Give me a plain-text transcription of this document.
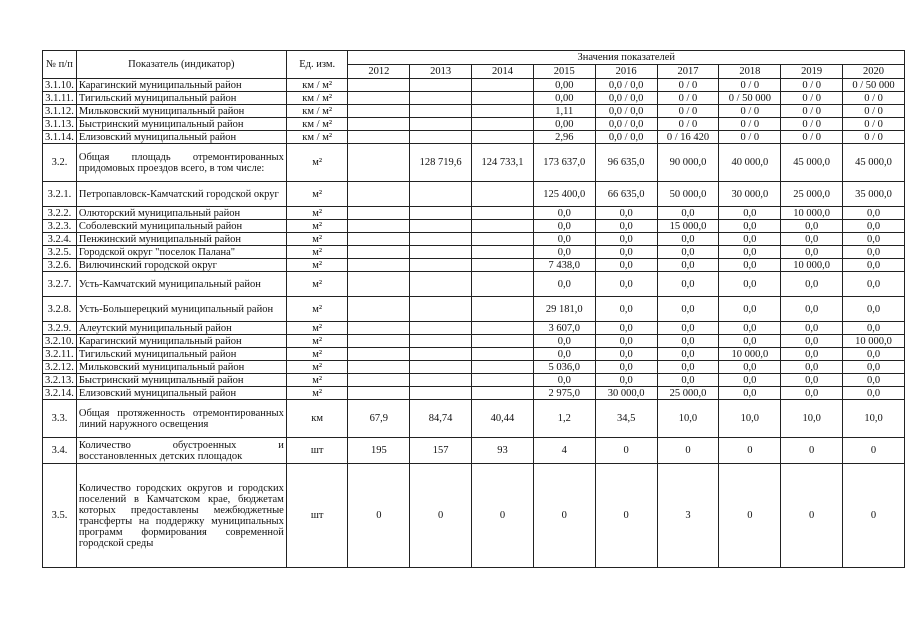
№ п/п	Показатель (индикатор)	Ед. изм.	Значения показателей								
			2012	2013	2014	2015	2016	2017	2018	2019	2020
3.1.10.	Карагинский муниципальный район	км / м²				0,00	0,0 / 0,0	0 / 0	0 / 0	0 / 0	0 / 50 000
3.1.11.	Тигильский муниципальный район	км / м²				0,00	0,0 / 0,0	0 / 0	0 / 50 000	0 / 0	0 / 0
3.1.12.	Мильковский муниципальный район	км / м²				1,11	0,0 / 0,0	0 / 0	0 / 0	0 / 0	0 / 0
3.1.13.	Быстринский муниципальный район	км / м²				0,00	0,0 / 0,0	0 / 0	0 / 0	0 / 0	0 / 0
3.1.14.	Елизовский муниципальный район	км / м²				2,96	0,0 / 0,0	0 / 16 420	0 / 0	0 / 0	0 / 0
3.2.	Общая площадь отремонтированных придомовых проездов всего, в том числе:	м²		128 719,6	124 733,1	173 637,0	96 635,0	90 000,0	40 000,0	45 000,0	45 000,0
3.2.1.	Петропавловск-Камчатский городской округ	м²				125 400,0	66 635,0	50 000,0	30 000,0	25 000,0	35 000,0
3.2.2.	Олюторский муниципальный район	м²				0,0	0,0	0,0	0,0	10 000,0	0,0
3.2.3.	Соболевский муниципальный район	м²				0,0	0,0	15 000,0	0,0	0,0	0,0
3.2.4.	Пенжинский муниципальный район	м²				0,0	0,0	0,0	0,0	0,0	0,0
3.2.5.	Городской округ "поселок Палана"	м²				0,0	0,0	0,0	0,0	0,0	0,0
3.2.6.	Вилючинский городской округ	м²				7 438,0	0,0	0,0	0,0	10 000,0	0,0
3.2.7.	Усть-Камчатский муниципальный район	м²				0,0	0,0	0,0	0,0	0,0	0,0
3.2.8.	Усть-Большерецкий муниципальный район	м²				29 181,0	0,0	0,0	0,0	0,0	0,0
3.2.9.	Алеутский муниципальный район	м²				3 607,0	0,0	0,0	0,0	0,0	0,0
3.2.10.	Карагинский муниципальный район	м²				0,0	0,0	0,0	0,0	0,0	10 000,0
3.2.11.	Тигильский муниципальный район	м²				0,0	0,0	0,0	10 000,0	0,0	0,0
3.2.12.	Мильковский муниципальный район	м²				5 036,0	0,0	0,0	0,0	0,0	0,0
3.2.13.	Быстринский муниципальный район	м²				0,0	0,0	0,0	0,0	0,0	0,0
3.2.14.	Елизовский муниципальный район	м²				2 975,0	30 000,0	25 000,0	0,0	0,0	0,0
3.3.	Общая протяженность отремонтированных линий наружного освещения	км	67,9	84,74	40,44	1,2	34,5	10,0	10,0	10,0	10,0
3.4.	Количество обустроенных и восстановленных детских площадок	шт	195	157	93	4	0	0	0	0	0
3.5.	Количество городских округов и городских поселений в Камчатском крае, бюджетам которых предоставлены межбюджетные трансферты на поддержку муниципальных программ формирования современной городской среды	шт	0	0	0	0	0	3	0	0	0
